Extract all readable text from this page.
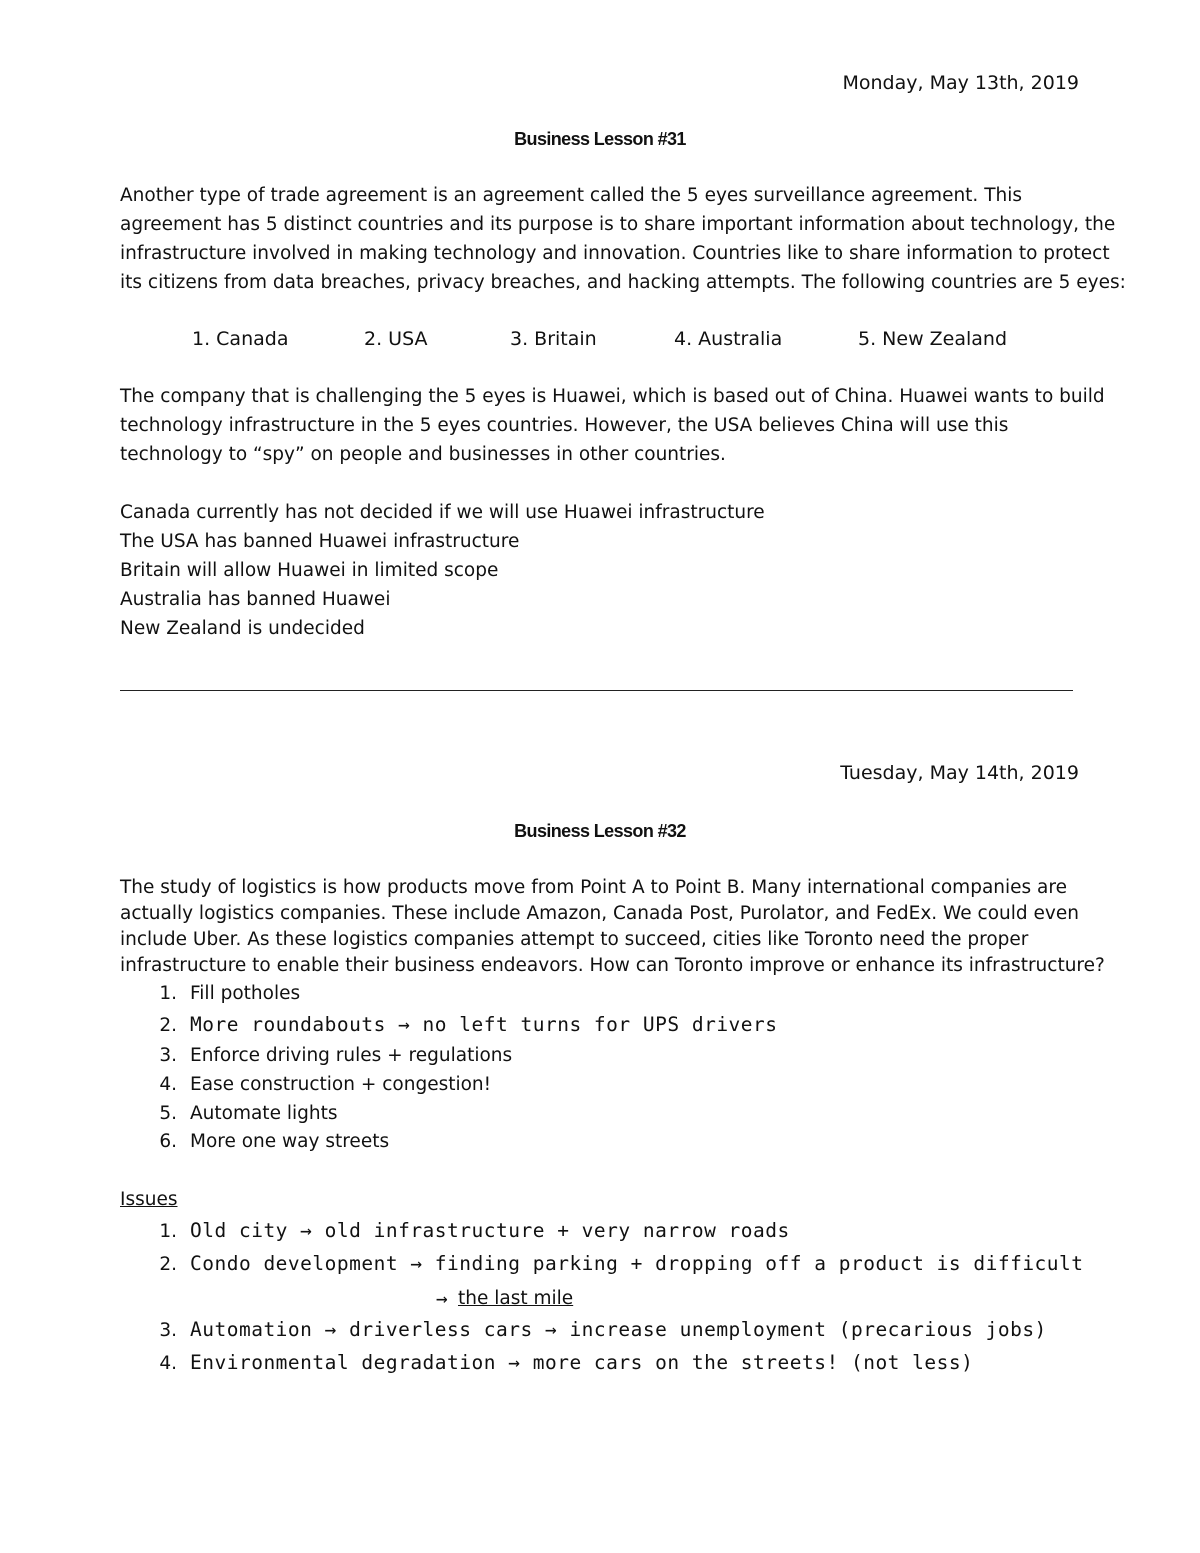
Monday, May 13th, 2019
Business Lesson #31
Another type of trade agreement is an agreement called the 5 eyes surveillance agreement. This
agreement has 5 distinct countries and its purpose is to share important information about technology, the
infrastructure involved in making technology and innovation. Countries like to share information to protect
its citizens from data breaches, privacy breaches, and hacking attempts. The following countries are 5 eyes:
1. Canada	2. USA	3. Britain	4. Australia	5. New Zealand
The company that is challenging the 5 eyes is Huawei, which is based out of China. Huawei wants to build
technology infrastructure in the 5 eyes countries. However, the USA believes China will use this
technology to “spy” on people and businesses in other countries.
Canada currently has not decided if we will use Huawei infrastructure
The USA has banned Huawei infrastructure
Britain will allow Huawei in limited scope
Australia has banned Huawei
New Zealand is undecided
Tuesday, May 14th, 2019
Business Lesson #32
The study of logistics is how products move from Point A to Point B. Many international companies are
actually logistics companies. These include Amazon, Canada Post, Purolator, and FedEx. We could even
include Uber. As these logistics companies attempt to succeed, cities like Toronto need the proper
infrastructure to enable their business endeavors. How can Toronto improve or enhance its infrastructure?
1. Fill potholes
2. More roundabouts → no left turns for UPS drivers
3. Enforce driving rules + regulations
4. Ease construction + congestion!
5. Automate lights
6. More one way streets
Issues
1. Old city → old infrastructure + very narrow roads
2. Condo development → finding parking + dropping off a product is difficult
→ the last mile
3. Automation → driverless cars → increase unemployment (precarious jobs)
4. Environmental degradation → more cars on the streets! (not less)
